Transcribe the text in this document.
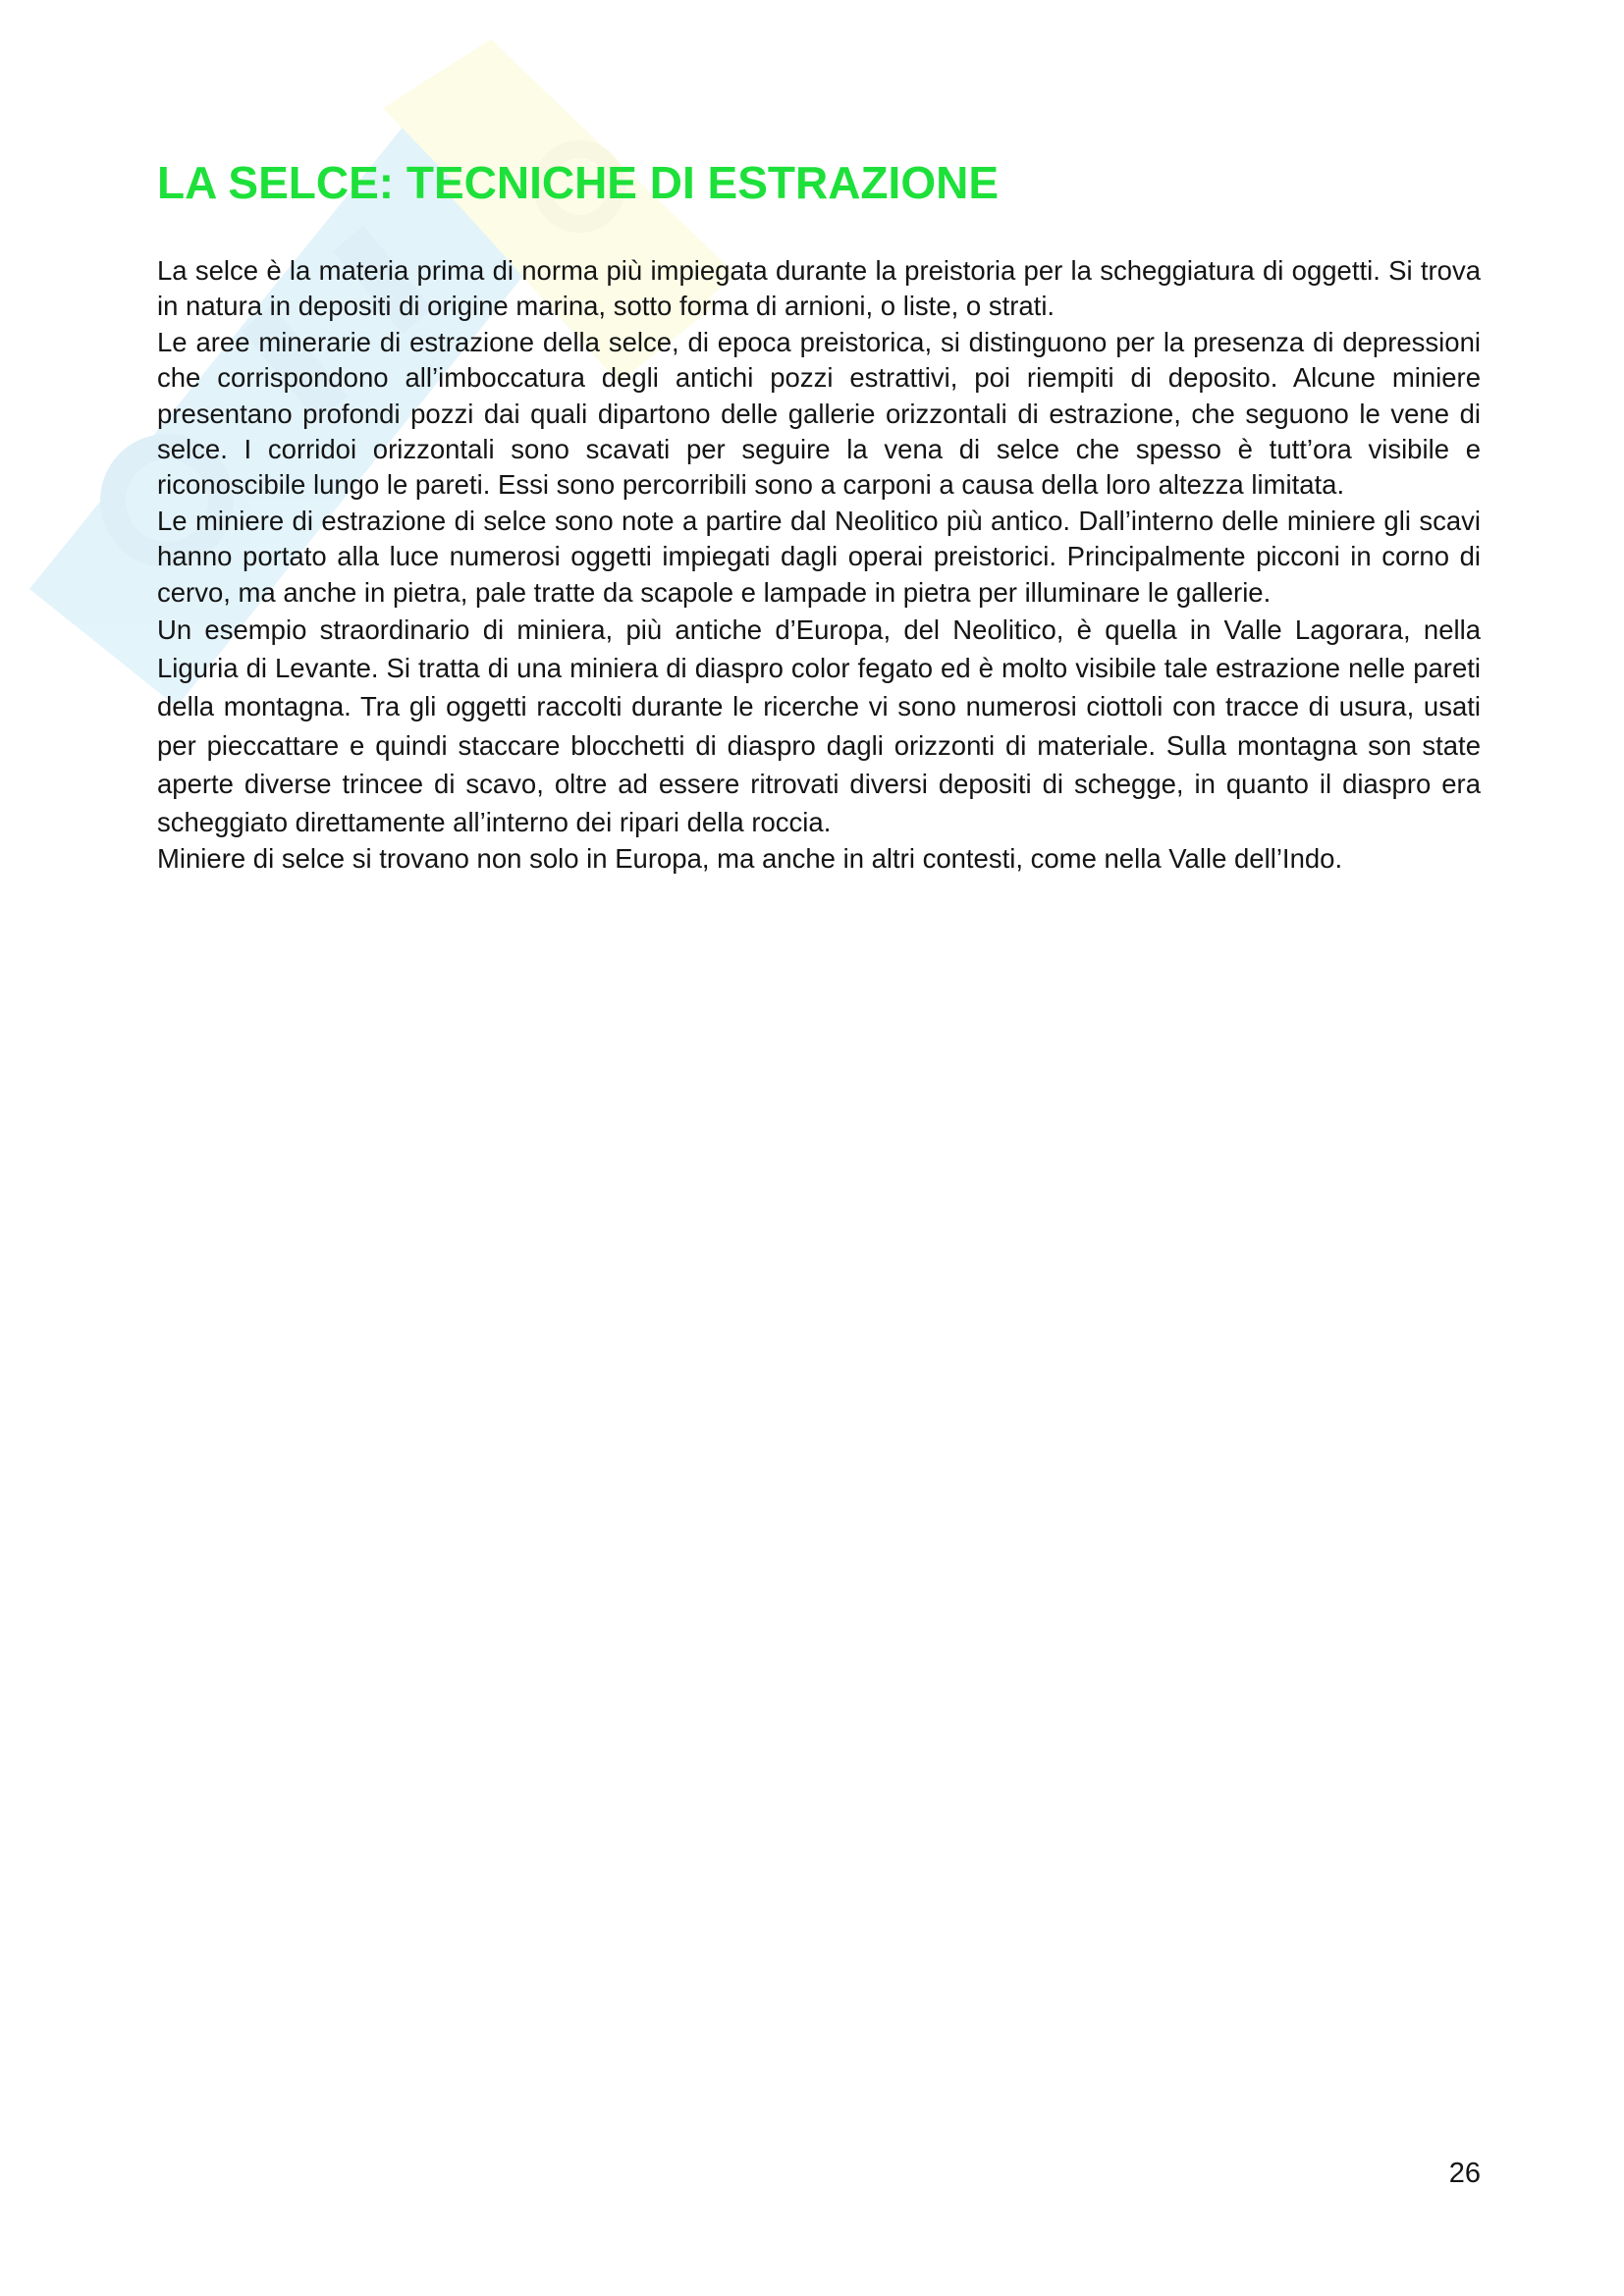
LA SELCE: TECNICHE DI ESTRAZIONE

La selce è la materia prima di norma più impiegata durante la preistoria per la scheggiatura di oggetti. Si trova in natura in depositi di origine marina, sotto forma di arnioni, o liste, o strati.

Le aree minerarie di estrazione della selce, di epoca preistorica, si distinguono per la presenza di depressioni che corrispondono all’imboccatura degli antichi pozzi estrattivi, poi riempiti di deposito. Alcune miniere presentano profondi pozzi dai quali dipartono delle gallerie orizzontali di estrazione, che seguono le vene di selce. I corridoi orizzontali sono scavati per seguire la vena di selce che spesso è tutt’ora visibile e riconoscibile lungo le pareti. Essi sono percorribili sono a carponi a causa della loro altezza limitata.

Le miniere di estrazione di selce sono note a partire dal Neolitico più antico. Dall’interno delle miniere gli scavi hanno portato alla luce numerosi oggetti impiegati dagli operai preistorici. Principalmente picconi in corno di cervo, ma anche in pietra, pale tratte da scapole e lampade in pietra per illuminare le gallerie.

Un esempio straordinario di miniera, più antiche d’Europa, del Neolitico, è quella in Valle Lagorara, nella Liguria di Levante. Si tratta di una miniera di diaspro color fegato ed è molto visibile tale estrazione nelle pareti della montagna. Tra gli oggetti raccolti durante le ricerche vi sono numerosi ciottoli con tracce di usura, usati per pieccattare e quindi staccare blocchetti di diaspro dagli orizzonti di materiale. Sulla montagna son state aperte diverse trincee di scavo, oltre ad essere ritrovati diversi depositi di schegge, in quanto il diaspro era scheggiato direttamente all’interno dei ripari della roccia.

Miniere di selce si trovano non solo in Europa, ma anche in altri contesti, come nella Valle dell’Indo.

26
